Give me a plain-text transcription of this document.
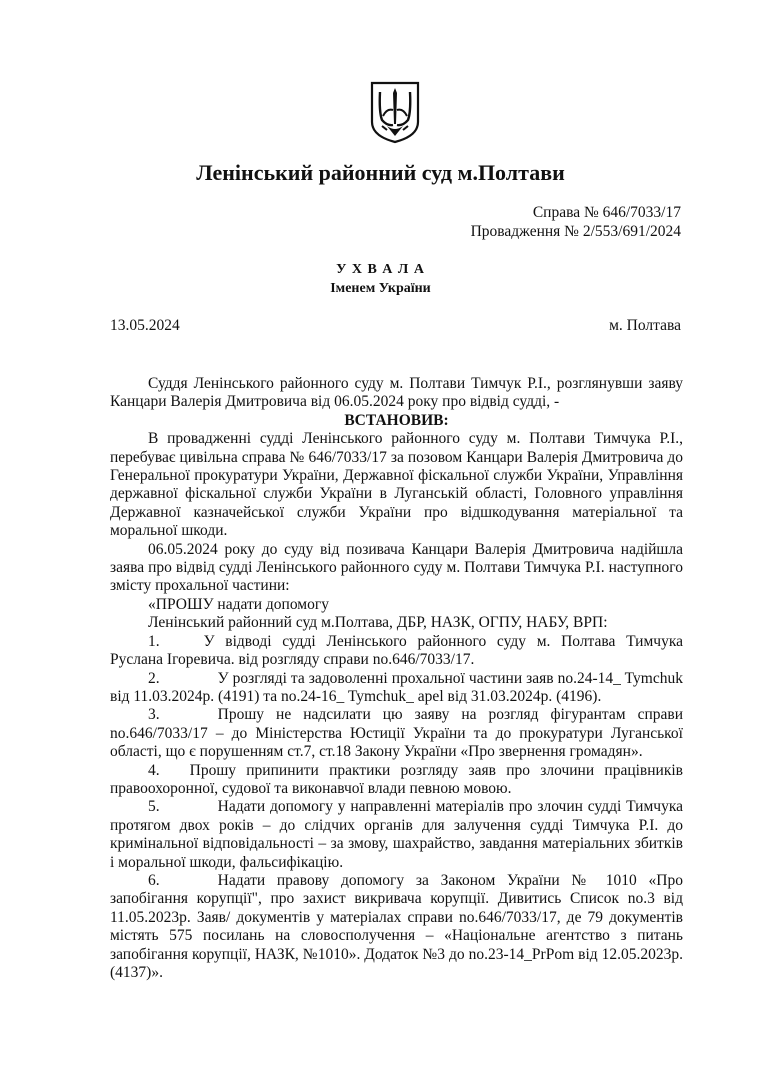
Ленінський районний суд м.Полтави
Справа № 646/7033/17
Провадження № 2/553/691/2024
У Х В А Л А
Іменем України
13.05.2024	м. Полтава

Суддя Ленінського районного суду м. Полтави Тимчук Р.І., розглянувши заяву Канцари Валерія Дмитровича від 06.05.2024 року про відвід судді, -

ВСТАНОВИВ:

В провадженні судді Ленінського районного суду м. Полтави Тимчука Р.І., перебуває цивільна справа № 646/7033/17 за позовом Канцари Валерія Дмитровича до Генеральної прокуратури України, Державної фіскальної служби України, Управління державної фіскальної служби України в Луганській області, Головного управління Державної казначейської служби України про відшкодування матеріальної та моральної шкоди.

06.05.2024 року до суду від позивача Канцари Валерія Дмитровича надійшла заява про відвід судді Ленінського районного суду м. Полтави Тимчука Р.І. наступного змісту прохальної частини:

«ПРОШУ надати допомогу

Ленінський районний суд м.Полтава, ДБР, НАЗК, ОГПУ, НАБУ, ВРП:

1.	У відводі судді Ленінського районного суду м. Полтава Тимчука Руслана Ігоревича. від розгляду справи no.646/7033/17.

2.	У розгляді та задоволенні прохальної частини заяв no.24-14_ Tymchuk від 11.03.2024р. (4191) та no.24-16_ Tymchuk_ apel від 31.03.2024р. (4196).

3.	Прошу не надсилати цю заяву на розгляд фігурантам справи no.646/7033/17 – до Міністерства Юстиції України та до прокуратури Луганської області, що є порушенням ст.7, ст.18 Закону України «Про звернення громадян».

4. Прошу припинити практики розгляду заяв про злочини працівників правоохоронної, судової та виконавчої влади певною мовою.

5.	Надати допомогу у направленні матеріалів про злочин судді Тимчука протягом двох років – до слідчих органів для залучення судді Тимчука Р.І. до кримінальної відповідальності – за змову, шахрайство, завдання матеріальних збитків і моральної шкоди, фальсифікацію.

6.	Надати правову допомогу за Законом України № 1010 «Про запобігання корупції", про захист викривача корупції. Дивитись Список no.3 від 11.05.2023р. Заяв/ документів у матеріалах справи no.646/7033/17, де 79 документів містять 575 посилань на словосполучення – «Національне агентство з питань запобігання корупції, НАЗК, №1010». Додаток №3 до no.23-14_PrPom від 12.05.2023р. (4137)».
